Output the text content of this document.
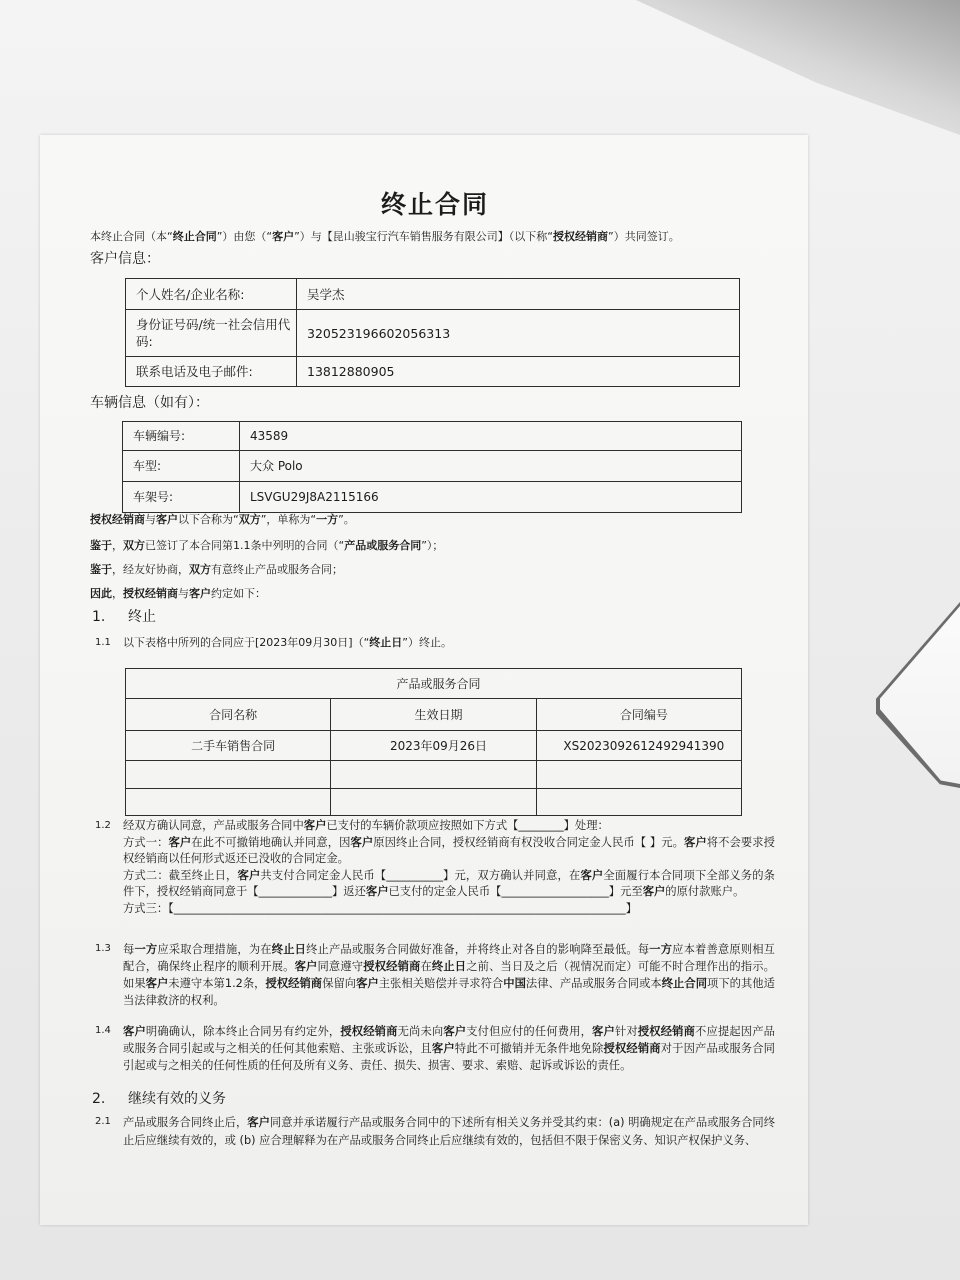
终止合同
本终止合同（本“终止合同”）由您（“客户”）与【昆山骏宝行汽车销售服务有限公司】（以下称“授权经销商”）共同签订。
客户信息：
个人姓名/企业名称:	吴学杰
身份证号码/统一社会信用代码:	320523196602056313
联系电话及电子邮件:	13812880905
车辆信息（如有）：
车辆编号:	43589
车型:	大众 Polo
车架号:	LSVGU29J8A2115166
授权经销商与客户以下合称为“双方”，单称为“一方”。
鉴于，双方已签订了本合同第1.1条中列明的合同（“产品或服务合同”）；
鉴于，经友好协商，双方有意终止产品或服务合同；
因此，授权经销商与客户约定如下：
1. 终止
1.1 以下表格中所列的合同应于[2023年09月30日]（“终止日”）终止。
产品或服务合同		
合同名称	生效日期	合同编号
二手车销售合同	2023年09月26日	XS2023092612492941390

1.2 经双方确认同意，产品或服务合同中客户已支付的车辆价款项应按照如下方式【________】处理：
方式一：客户在此不可撤销地确认并同意，因客户原因终止合同，授权经销商有权没收合同定金人民币【 】元。客户将不会要求授权经销商以任何形式返还已没收的合同定金。
方式二：截至终止日，客户共支付合同定金人民币【__________】元，双方确认并同意，在客户全面履行本合同项下全部义务的条件下，授权经销商同意于【_____________】返还客户已支付的定金人民币【___________________】元至客户的原付款账户。
方式三：【________________________________________________________________________________】
1.3 每一方应采取合理措施，为在终止日终止产品或服务合同做好准备，并将终止对各自的影响降至最低。每一方应本着善意原则相互配合，确保终止程序的顺利开展。客户同意遵守授权经销商在终止日之前、当日及之后（视情况而定）可能不时合理作出的指示。如果客户未遵守本第1.2条，授权经销商保留向客户主张相关赔偿并寻求符合中国法律、产品或服务合同或本终止合同项下的其他适当法律救济的权利。
1.4 客户明确确认，除本终止合同另有约定外，授权经销商无尚未向客户支付但应付的任何费用，客户针对授权经销商不应提起因产品或服务合同引起或与之相关的任何其他索赔、主张或诉讼，且客户特此不可撤销并无条件地免除授权经销商对于因产品或服务合同引起或与之相关的任何性质的任何及所有义务、责任、损失、损害、要求、索赔、起诉或诉讼的责任。
2. 继续有效的义务
2.1 产品或服务合同终止后，客户同意并承诺履行产品或服务合同中的下述所有相关义务并受其约束：(a) 明确规定在产品或服务合同终止后应继续有效的，或 (b) 应合理解释为在产品或服务合同终止后应继续有效的，包括但不限于保密义务、知识产权保护义务、
